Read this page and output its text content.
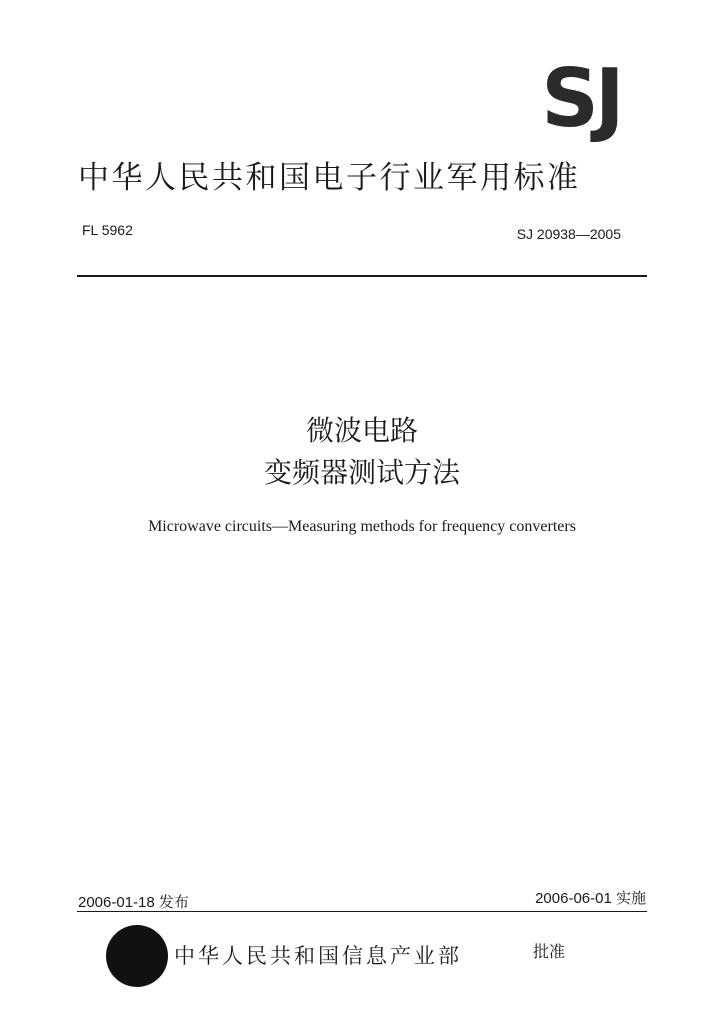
SJ
中华人民共和国电子行业军用标准
FL 5962	SJ 20938—2005
微波电路
变频器测试方法
Microwave circuits—Measuring methods for frequency converters
2006-01-18 发布	2006-06-01 实施
中华人民共和国信息产业部	批准
